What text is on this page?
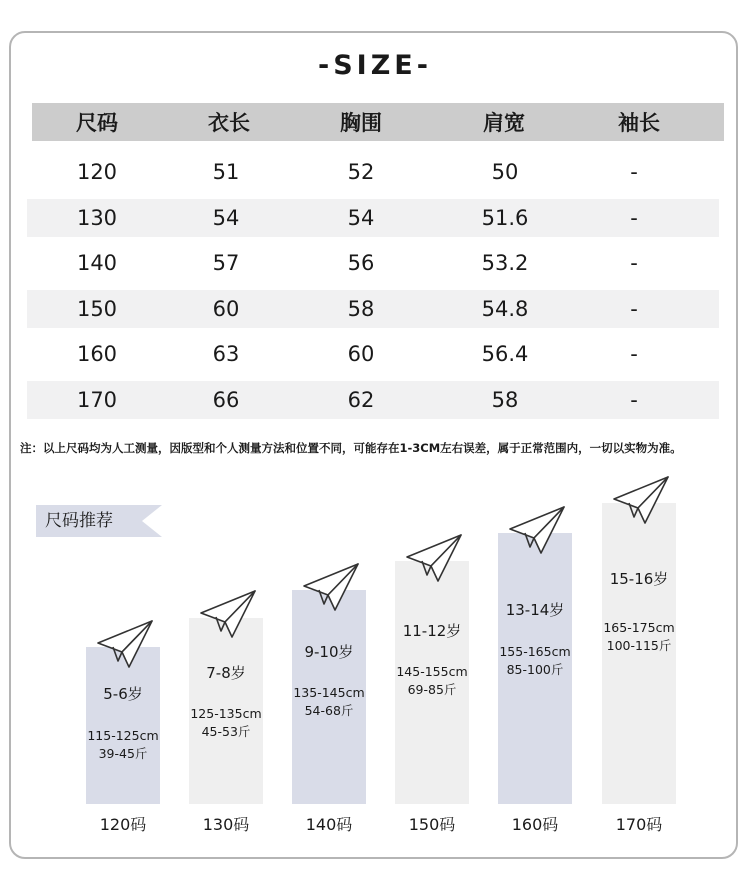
-SIZE-
尺码	衣长	胸围	肩宽	袖长
120	51	52	50	-
130	54	54	51.6	-
140	57	56	53.2	-
150	60	58	54.8	-
160	63	60	56.4	-
170	66	62	58	-
注：以上尺码均为人工测量，因版型和个人测量方法和位置不同，可能存在1-3CM左右误差，属于正常范围内，一切以实物为准。
尺码推荐
5-6岁
115-125cm
39-45斤
120码
7-8岁
125-135cm
45-53斤
130码
9-10岁
135-145cm
54-68斤
140码
11-12岁
145-155cm
69-85斤
150码
13-14岁
155-165cm
85-100斤
160码
15-16岁
165-175cm
100-115斤
170码
